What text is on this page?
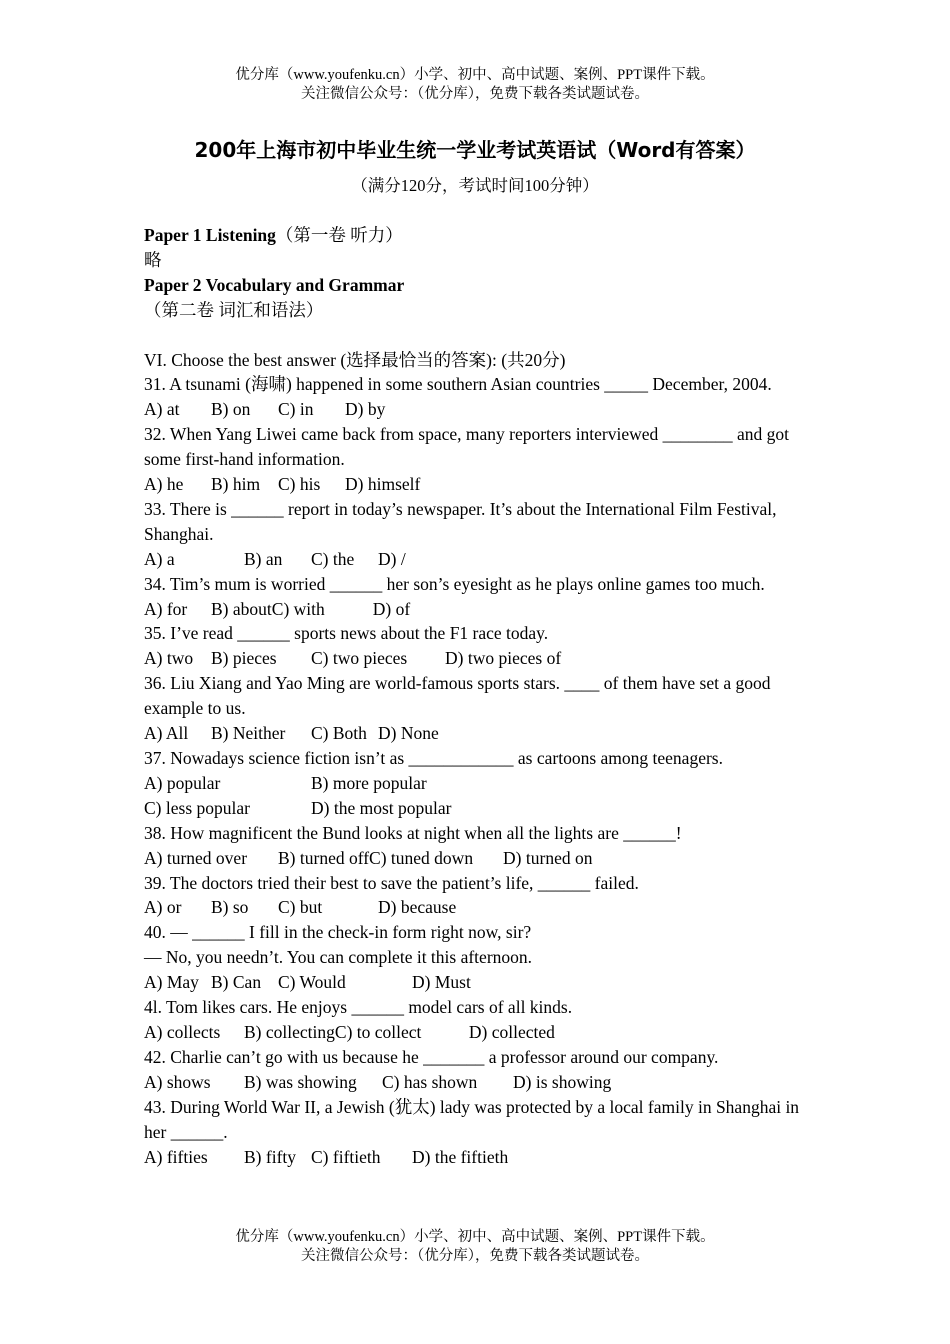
优分库（www.youfenku.cn）小学、初中、高中试题、案例、PPT课件下载。
关注微信公众号：（优分库），免费下载各类试题试卷。
200年上海市初中毕业生统一学业考试英语试（Word有答案）
（满分120分，考试时间100分钟）
Paper 1 Listening（第一卷 听力）
略
Paper 2 Vocabulary and Grammar
（第二卷 词汇和语法）
VI. Choose the best answer (选择最恰当的答案): (共20分)
31. A tsunami (海啸) happened in some southern Asian countries _____ December, 2004.
A) at B) on C) in D) by
32. When Yang Liwei came back from space, many reporters interviewed ________ and got some first-hand information.
A) he B) him C) his D) himself
33. There is ______ report in today’s newspaper. It’s about the International Film Festival, Shanghai.
A) a	B) an C) the D) /
34. Tim’s mum is worried ______ her son’s eyesight as he plays online games too much.
A) for B) aboutC) with	D) of
35. I’ve read ______ sports news about the F1 race today.
A) two B) pieces C) two pieces D) two pieces of
36. Liu Xiang and Yao Ming are world-famous sports stars. ____ of them have set a good example to us.
A) All B) Neither C) Both D) None
37. Nowadays science fiction isn’t as ____________ as cartoons among teenagers.
A) popular	B) more popular
C) less popular	D) the most popular
38. How magnificent the Bund looks at night when all the lights are ______!
A) turned over B) turned offC) tuned down D) turned on
39. The doctors tried their best to save the patient’s life, ______ failed.
A) or B) so C) but	D) because
40. — ______ I fill in the check-in form right now, sir?
— No, you needn’t. You can complete it this afternoon.
A) May B) Can C) Would	D) Must
4l. Tom likes cars. He enjoys ______ model cars of all kinds.
A) collects B) collectingC) to collect	D) collected
42. Charlie can’t go with us because he _______ a professor around our company.
A) shows B) was showing C) has shown D) is showing
43. During World War II, a Jewish (犹太) lady was protected by a local family in Shanghai in her ______.
A) fifties B) fifty C) fiftieth D) the fiftieth
优分库（www.youfenku.cn）小学、初中、高中试题、案例、PPT课件下载。
关注微信公众号：（优分库），免费下载各类试题试卷。
